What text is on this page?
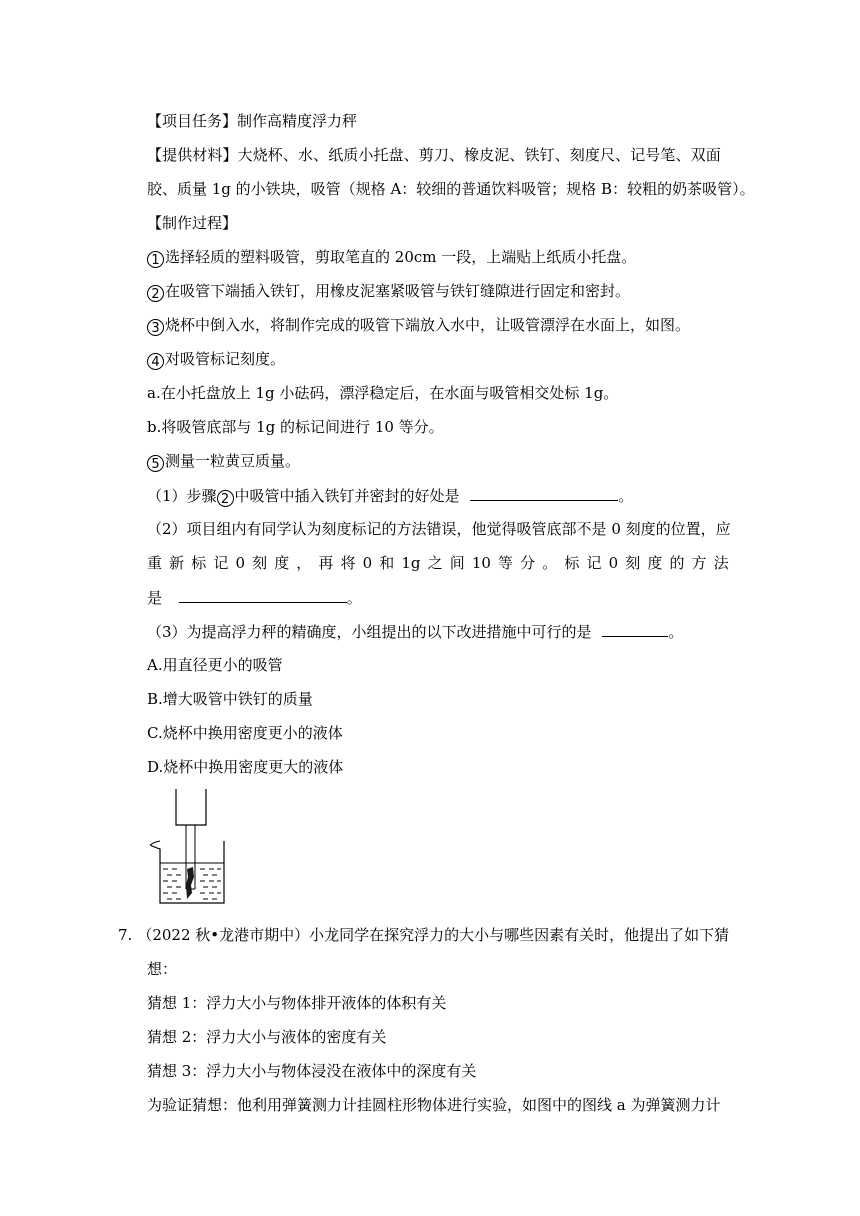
【项目任务】制作高精度浮力秤
【提供材料】大烧杯、水、纸质小托盘、剪刀、橡皮泥、铁钉、刻度尺、记号笔、双面
胶、质量 1g 的小铁块，吸管（规格 A：较细的普通饮料吸管；规格 B：较粗的奶茶吸管）。
【制作过程】
1 选择轻质的塑料吸管，剪取笔直的 20cm 一段，上端贴上纸质小托盘。
2 在吸管下端插入铁钉，用橡皮泥塞紧吸管与铁钉缝隙进行固定和密封。
3 烧杯中倒入水，将制作完成的吸管下端放入水中，让吸管漂浮在水面上，如图。
4 对吸管标记刻度。
a.在小托盘放上 1g 小砝码，漂浮稳定后，在水面与吸管相交处标 1g。
b.将吸管底部与 1g 的标记间进行 10 等分。
5 测量一粒黄豆质量。
（1）步骤 2 中吸管中插入铁钉并密封的好处是	。
（2）项目组内有同学认为刻度标记的方法错误，他觉得吸管底部不是 0 刻度的位置，应
重 新 标 记 0 刻 度 ， 再 将 0 和 1g 之 间 10 等 分 。 标 记 0 刻 度 的 方 法
是	。
（3）为提高浮力秤的精确度，小组提出的以下改进措施中可行的是	。
A.用直径更小的吸管
B.增大吸管中铁钉的质量
C.烧杯中换用密度更小的液体
D.烧杯中换用密度更大的液体
7. （2022 秋•龙港市期中）小龙同学在探究浮力的大小与哪些因素有关时，他提出了如下猜
想：
猜想 1：浮力大小与物体排开液体的体积有关
猜想 2：浮力大小与液体的密度有关
猜想 3：浮力大小与物体浸没在液体中的深度有关
为验证猜想：他利用弹簧测力计挂圆柱形物体进行实验，如图中的图线 a 为弹簧测力计
